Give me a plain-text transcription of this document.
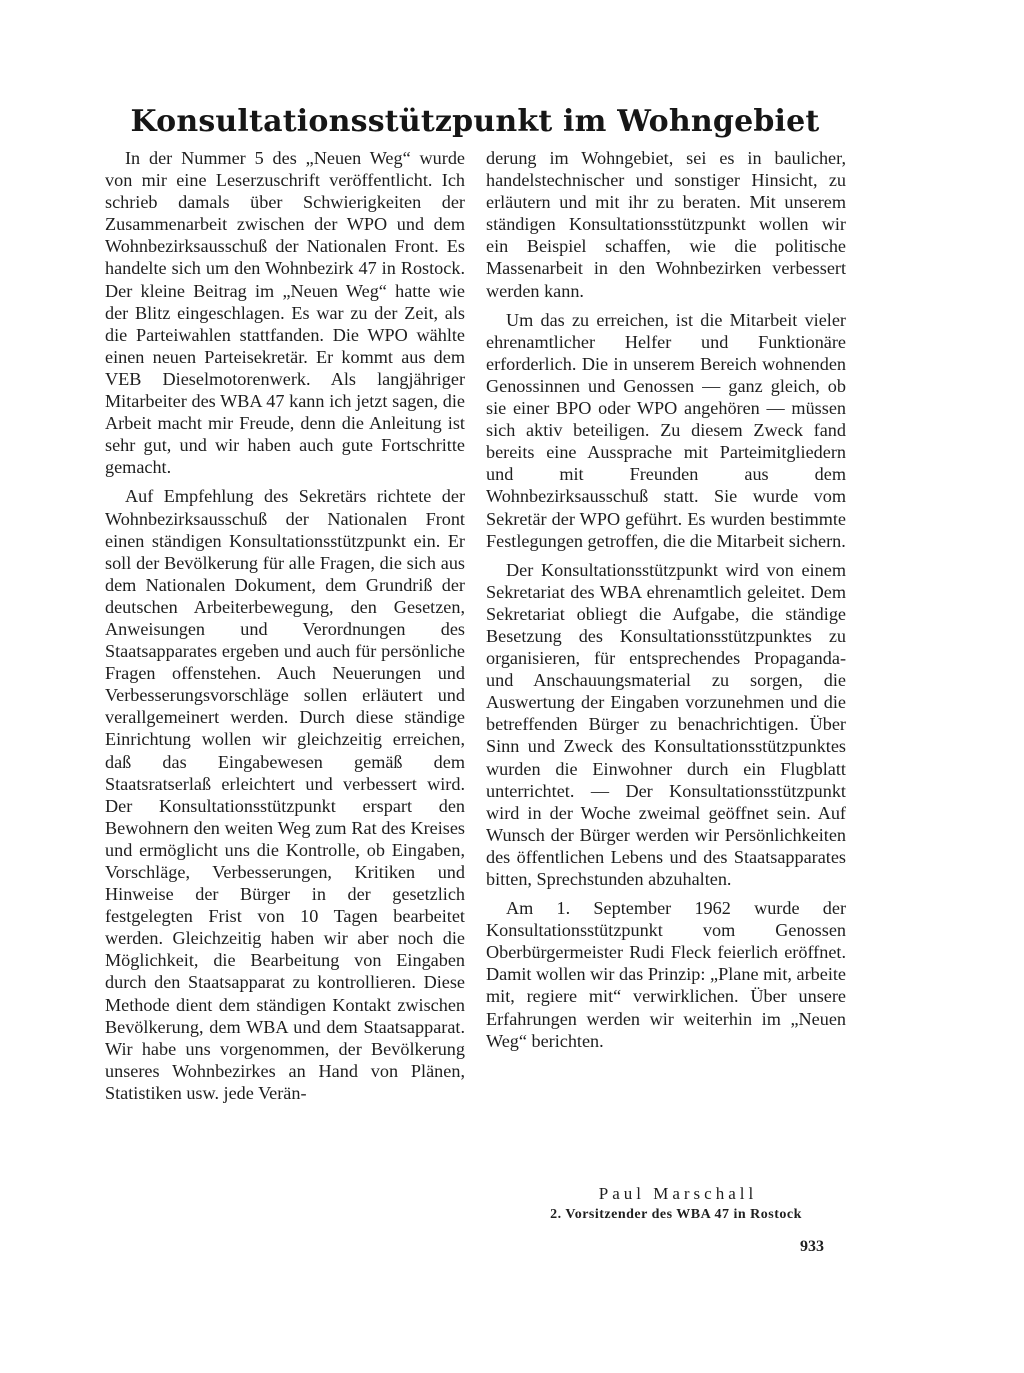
Konsultationsstützpunkt im Wohngebiet

In der Nummer 5 des „Neuen Weg“ wurde von mir eine Leserzuschrift veröffentlicht. Ich schrieb damals über Schwierigkeiten der Zusammenarbeit zwischen der WPO und dem Wohnbezirksausschuß der Nationalen Front. Es handelte sich um den Wohnbezirk 47 in Rostock. Der kleine Beitrag im „Neuen Weg“ hatte wie der Blitz eingeschlagen. Es war zu der Zeit, als die Parteiwahlen stattfanden. Die WPO wählte einen neuen Parteisekretär. Er kommt aus dem VEB Dieselmotorenwerk. Als langjähriger Mitarbeiter des WBA 47 kann ich jetzt sagen, die Arbeit macht mir Freude, denn die Anleitung ist sehr gut, und wir haben auch gute Fortschritte gemacht.

Auf Empfehlung des Sekretärs richtete der Wohnbezirksausschuß der Nationalen Front einen ständigen Konsultationsstützpunkt ein. Er soll der Bevölkerung für alle Fragen, die sich aus dem Nationalen Dokument, dem Grundriß der deutschen Arbeiterbewegung, den Gesetzen, Anweisungen und Verordnungen des Staatsapparates ergeben und auch für persönliche Fragen offenstehen. Auch Neuerungen und Verbesserungsvorschläge sollen erläutert und verallgemeinert werden. Durch diese ständige Einrichtung wollen wir gleichzeitig erreichen, daß das Eingabewesen gemäß dem Staatsratserlaß erleichtert und verbessert wird. Der Konsultationsstützpunkt erspart den Bewohnern den weiten Weg zum Rat des Kreises und ermöglicht uns die Kontrolle, ob Eingaben, Vorschläge, Verbesserungen, Kritiken und Hinweise der Bürger in der gesetzlich festgelegten Frist von 10 Tagen bearbeitet werden. Gleichzeitig haben wir aber noch die Möglichkeit, die Bearbeitung von Eingaben durch den Staatsapparat zu kontrollieren. Diese Methode dient dem ständigen Kontakt zwischen Bevölkerung, dem WBA und dem Staatsapparat. Wir habe uns vorgenommen, der Bevölkerung unseres Wohnbezirkes an Hand von Plänen, Statistiken usw. jede Verän-

derung im Wohngebiet, sei es in baulicher, handelstechnischer und sonstiger Hinsicht, zu erläutern und mit ihr zu beraten. Mit unserem ständigen Konsultationsstützpunkt wollen wir ein Beispiel schaffen, wie die politische Massenarbeit in den Wohnbezirken verbessert werden kann.

Um das zu erreichen, ist die Mitarbeit vieler ehrenamtlicher Helfer und Funktionäre erforderlich. Die in unserem Bereich wohnenden Genossinnen und Genossen — ganz gleich, ob sie einer BPO oder WPO angehören — müssen sich aktiv beteiligen. Zu diesem Zweck fand bereits eine Aussprache mit Parteimitgliedern und mit Freunden aus dem Wohnbezirksausschuß statt. Sie wurde vom Sekretär der WPO geführt. Es wurden bestimmte Festlegungen getroffen, die die Mitarbeit sichern.

Der Konsultationsstützpunkt wird von einem Sekretariat des WBA ehrenamtlich geleitet. Dem Sekretariat obliegt die Aufgabe, die ständige Besetzung des Konsultationsstützpunktes zu organisieren, für entsprechendes Propaganda- und Anschauungsmaterial zu sorgen, die Auswertung der Eingaben vorzunehmen und die betreffenden Bürger zu benachrichtigen. Über Sinn und Zweck des Konsultationsstützpunktes wurden die Einwohner durch ein Flugblatt unterrichtet. — Der Konsultationsstützpunkt wird in der Woche zweimal geöffnet sein. Auf Wunsch der Bürger werden wir Persönlichkeiten des öffentlichen Lebens und des Staatsapparates bitten, Sprechstunden abzuhalten.

Am 1. September 1962 wurde der Konsultationsstützpunkt vom Genossen Oberbürgermeister Rudi Fleck feierlich eröffnet. Damit wollen wir das Prinzip: „Plane mit, arbeite mit, regiere mit“ verwirklichen. Über unsere Erfahrungen werden wir weiterhin im „Neuen Weg“ berichten.

Paul Marschall
2. Vorsitzender des WBA 47 in Rostock
933
